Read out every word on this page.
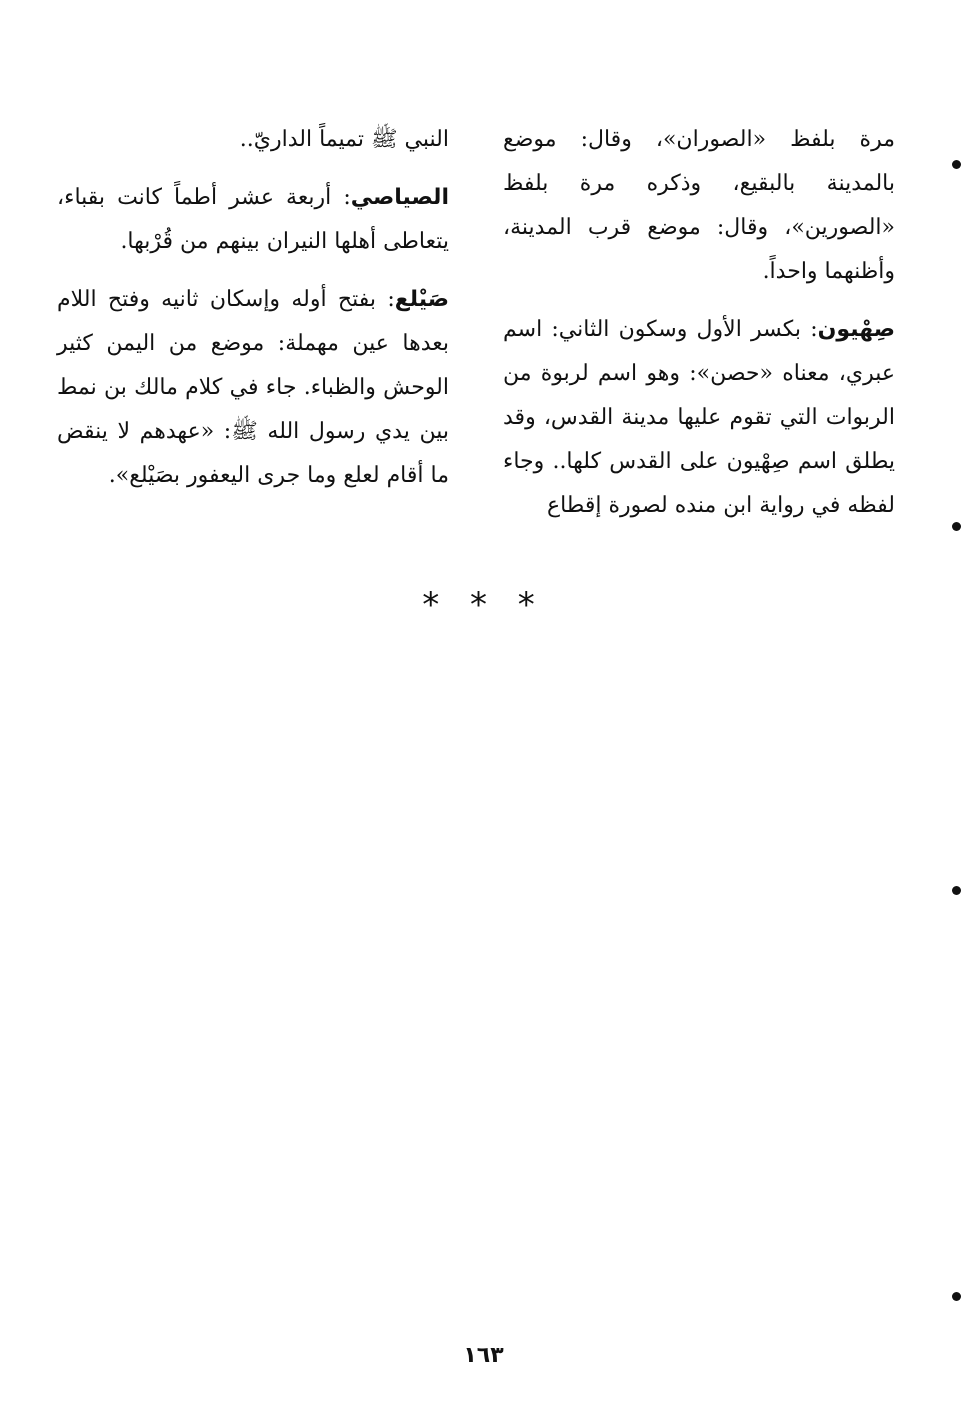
مرة بلفظ «الصوران»، وقال: موضع بالمدينة بالبقيع، وذكره مرة بلفظ «الصورين»، وقال: موضع قرب المدينة، وأظنهما واحداً.

صِهْيون: بكسر الأول وسكون الثاني: اسم عبري، معناه «حصن»: وهو اسم لربوة من الربوات التي تقوم عليها مدينة القدس، وقد يطلق اسم صِهْيون على القدس كلها.. وجاء لفظه في رواية ابن منده لصورة إقطاع

النبي ﷺ تميماً الداريّ..

الصياصي: أربعة عشر أطماً كانت بقباء، يتعاطى أهلها النيران بينهم من قُرْبها.

صَيْلع: بفتح أوله وإسكان ثانيه وفتح اللام بعدها عين مهملة: موضع من اليمن كثير الوحش والظباء. جاء في كلام مالك بن نمط بين يدي رسول الله ﷺ: «عهدهم لا ينقض ما أقام لعلع وما جرى اليعفور بصَيْلع».

* * *
١٦٣
